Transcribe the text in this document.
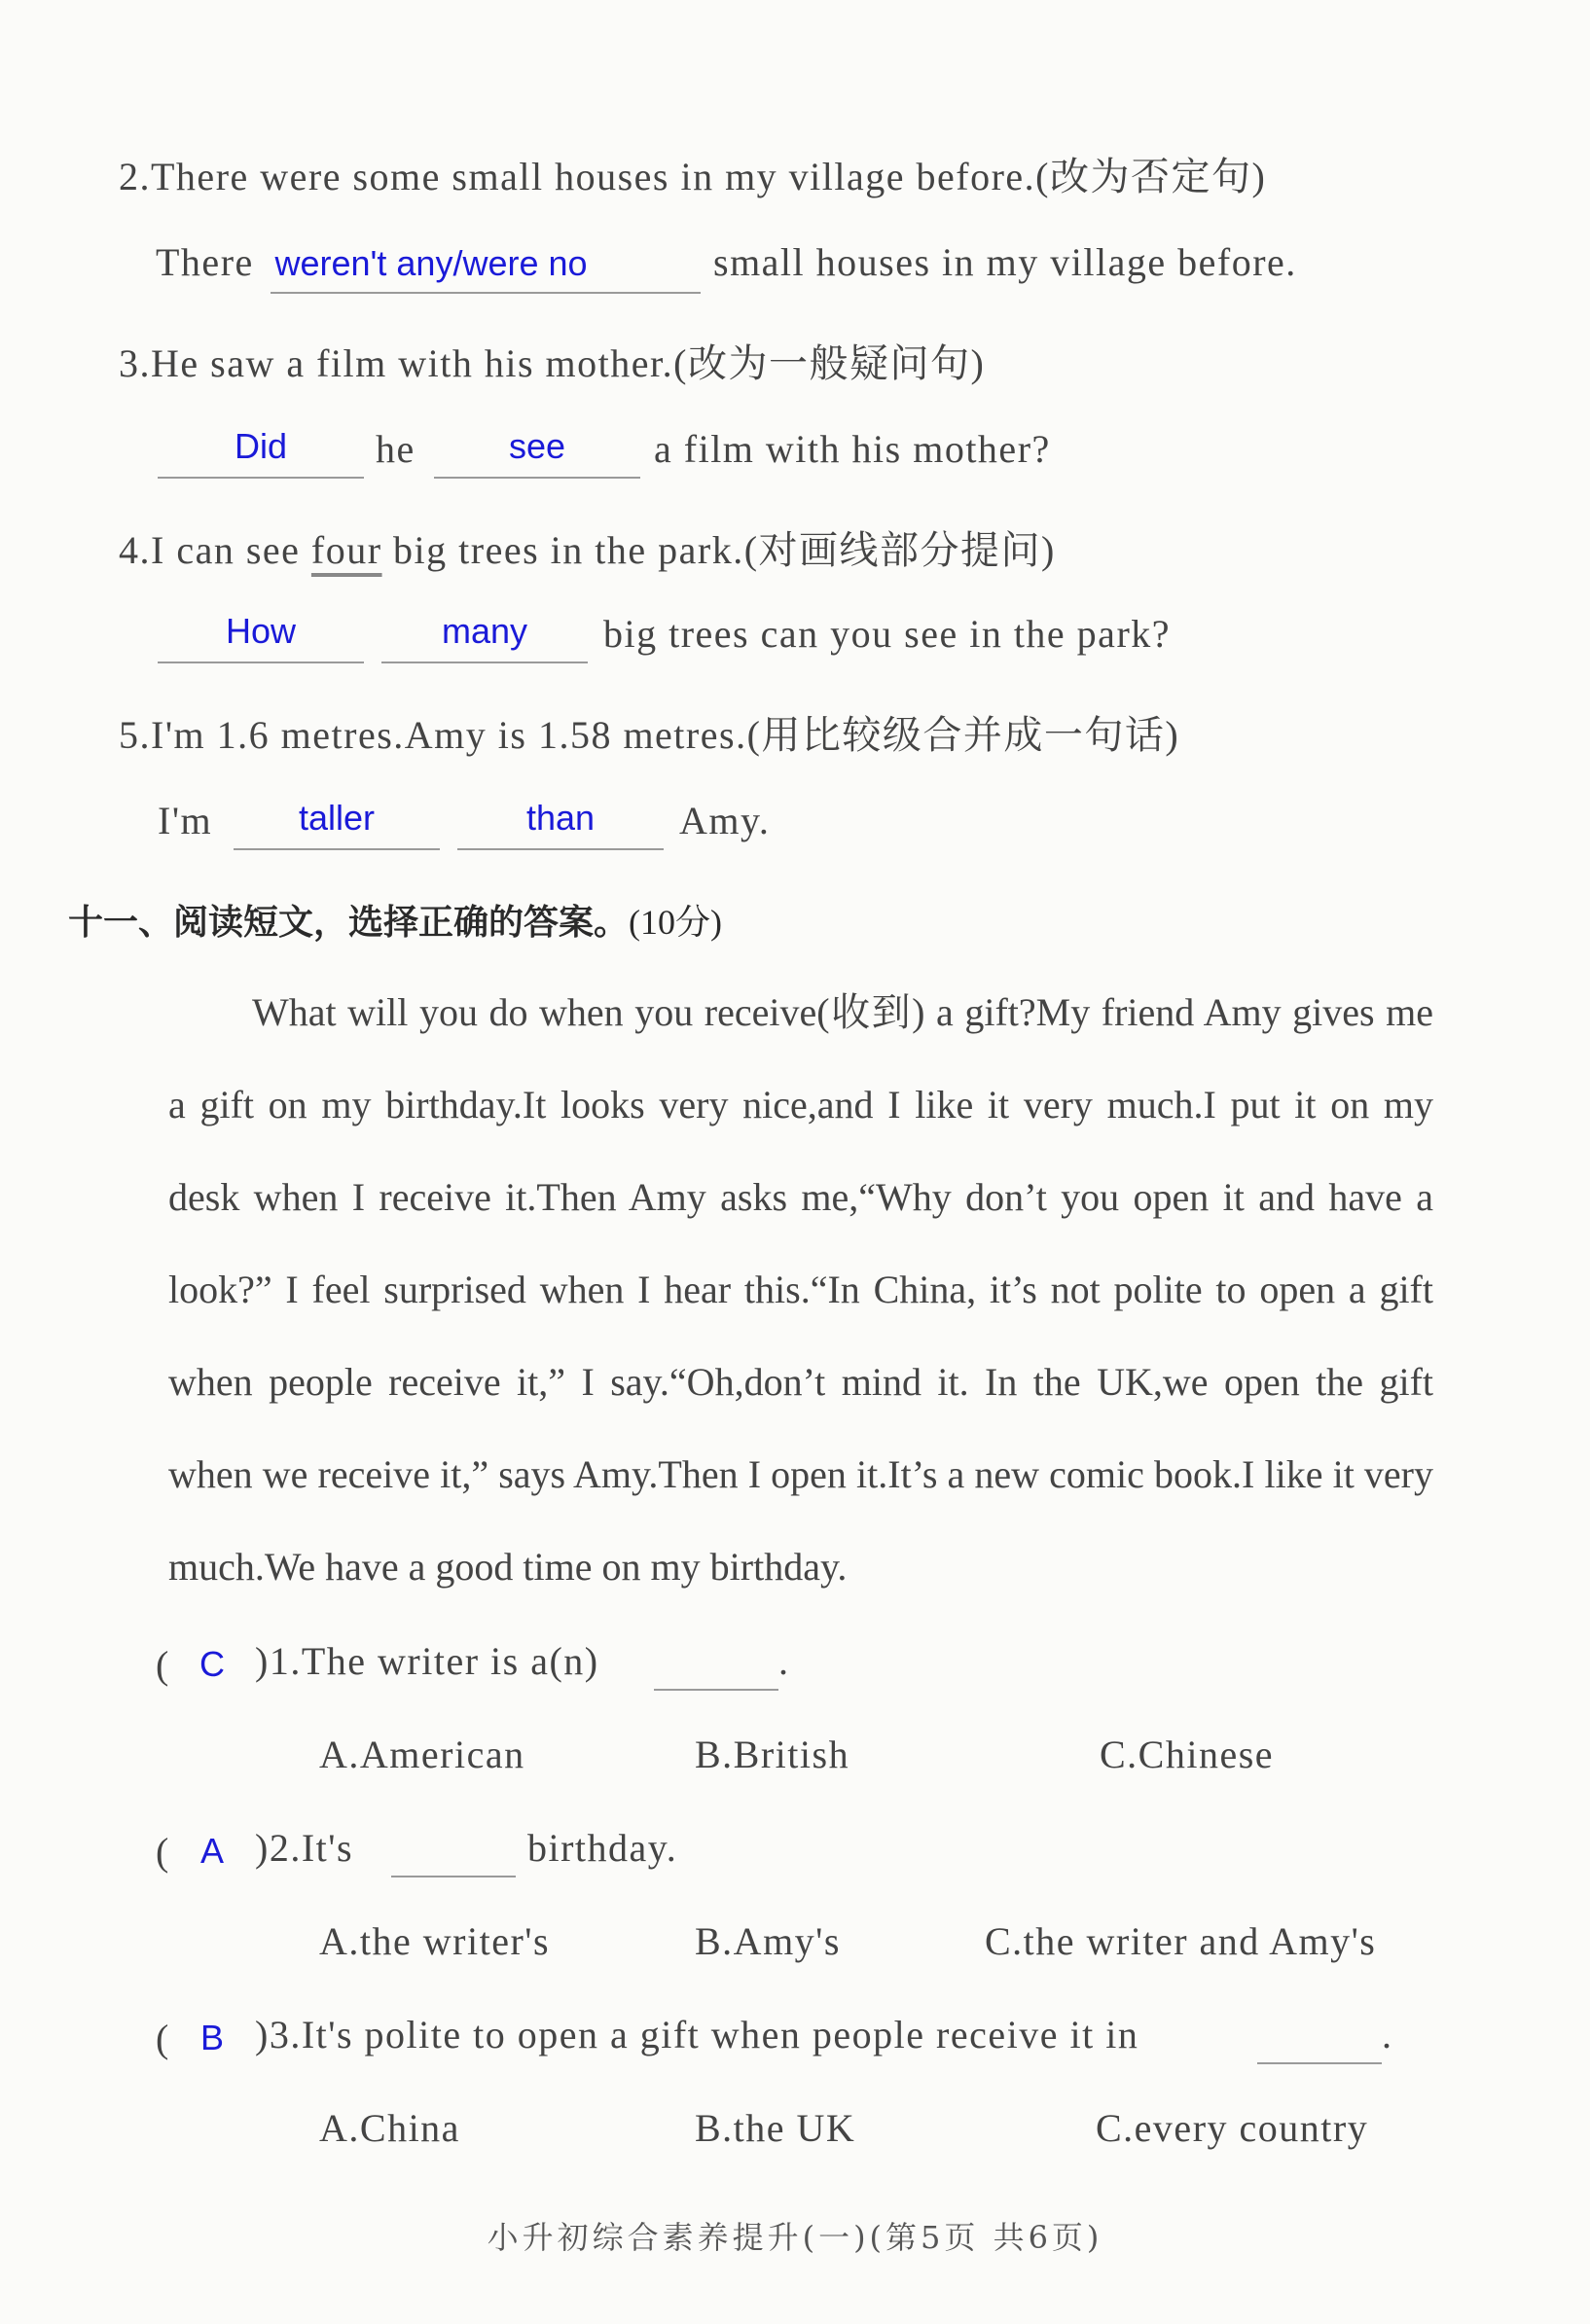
2.There were some small houses in my village before.(改为否定句)
There weren't any/were no	small houses in my village before.
3.He saw a film with his mother.(改为一般疑问句)
Did	he	see	a film with his mother?
4.I can see four big trees in the park.(对画线部分提问)
How	many	big trees can you see in the park?
5.I'm 1.6 metres.Amy is 1.58 metres.(用比较级合并成一句话)
I'm	taller	than	Amy.
十一、阅读短文，选择正确的答案。(10分)
What will you do when you receive(收到) a gift?My friend Amy gives me a gift on my birthday.It looks very nice,and I like it very much.I put it on my desk when I receive it.Then Amy asks me,“Why don’t you open it and have a look?” I feel surprised when I hear this.“In China, it’s not polite to open a gift when people receive it,” I say.“Oh,don’t mind it. In the UK,we open the gift when we receive it,” says Amy.Then I open it.It’s a new comic book.I like it very much.We have a good time on my birthday.
( C )1.The writer is a(n)	.
A.American	B.British	C.Chinese
( A )2.It's	birthday.
A.the writer's	B.Amy's	C.the writer and Amy's
( B )3.It's polite to open a gift when people receive it in	.
A.China	B.the UK	C.every country
小升初综合素养提升(一)(第5页 共6页)
